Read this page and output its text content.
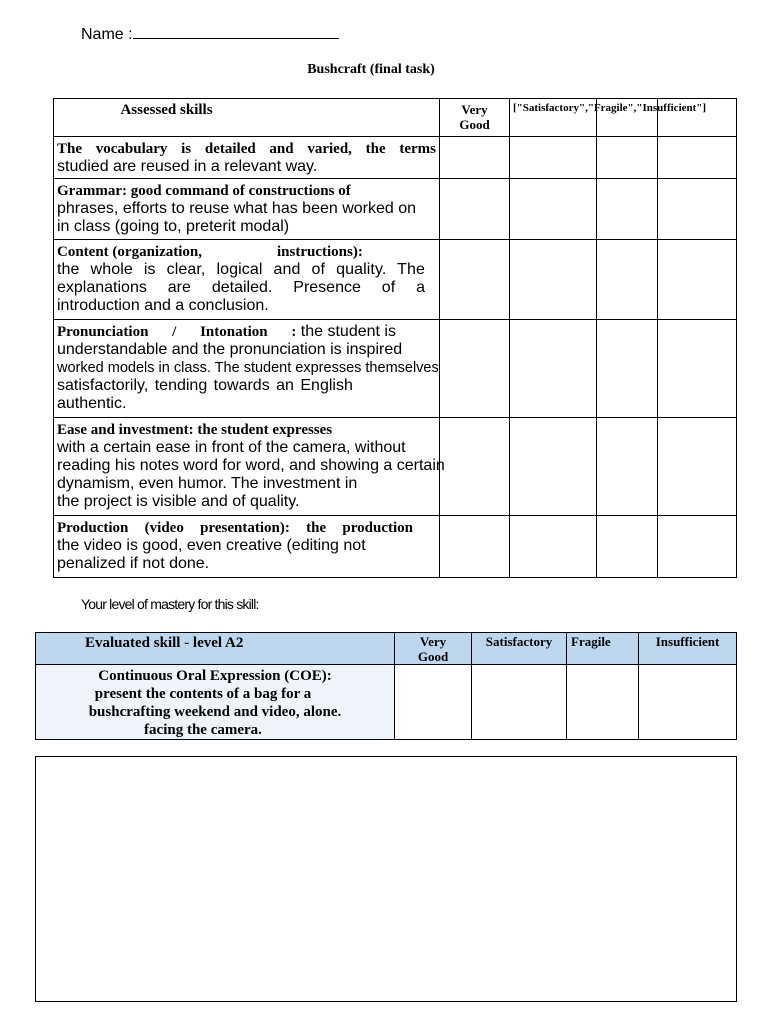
Name :
Bushcraft (final task)
Assessed skills	Very Good	["Satisfactory","Fragile","Insufficient"]		

The vocabulary is detailed and varied, the terms
studied are reused in a relevant way.				

Grammar: good command of constructions of
phrases, efforts to reuse what has been worked on
in class (going to, preterit modal)				

Content (organization,                    instructions):
the whole is clear, logical and of quality. The
explanations are detailed. Presence of a
introduction and a conclusion.				

Pronunciation / Intonation : the student is
understandable and the pronunciation is inspired
worked models in class. The student expresses themselves
satisfactorily, tending towards an English
authentic.				

Ease and investment: the student expresses
with a certain ease in front of the camera, without
reading his notes word for word, and showing a certain
dynamism, even humor. The investment in
the project is visible and of quality.				

Production (video presentation): the production
the video is good, even creative (editing not
penalized if not done.				

Your level of mastery for this skill:
Evaluated skill - level A2	Very Good	Satisfactory	Fragile	Insufficient

Continuous Oral Expression (COE):
present the contents of a bag for a
bushcrafting weekend and video, alone.
facing the camera.				
